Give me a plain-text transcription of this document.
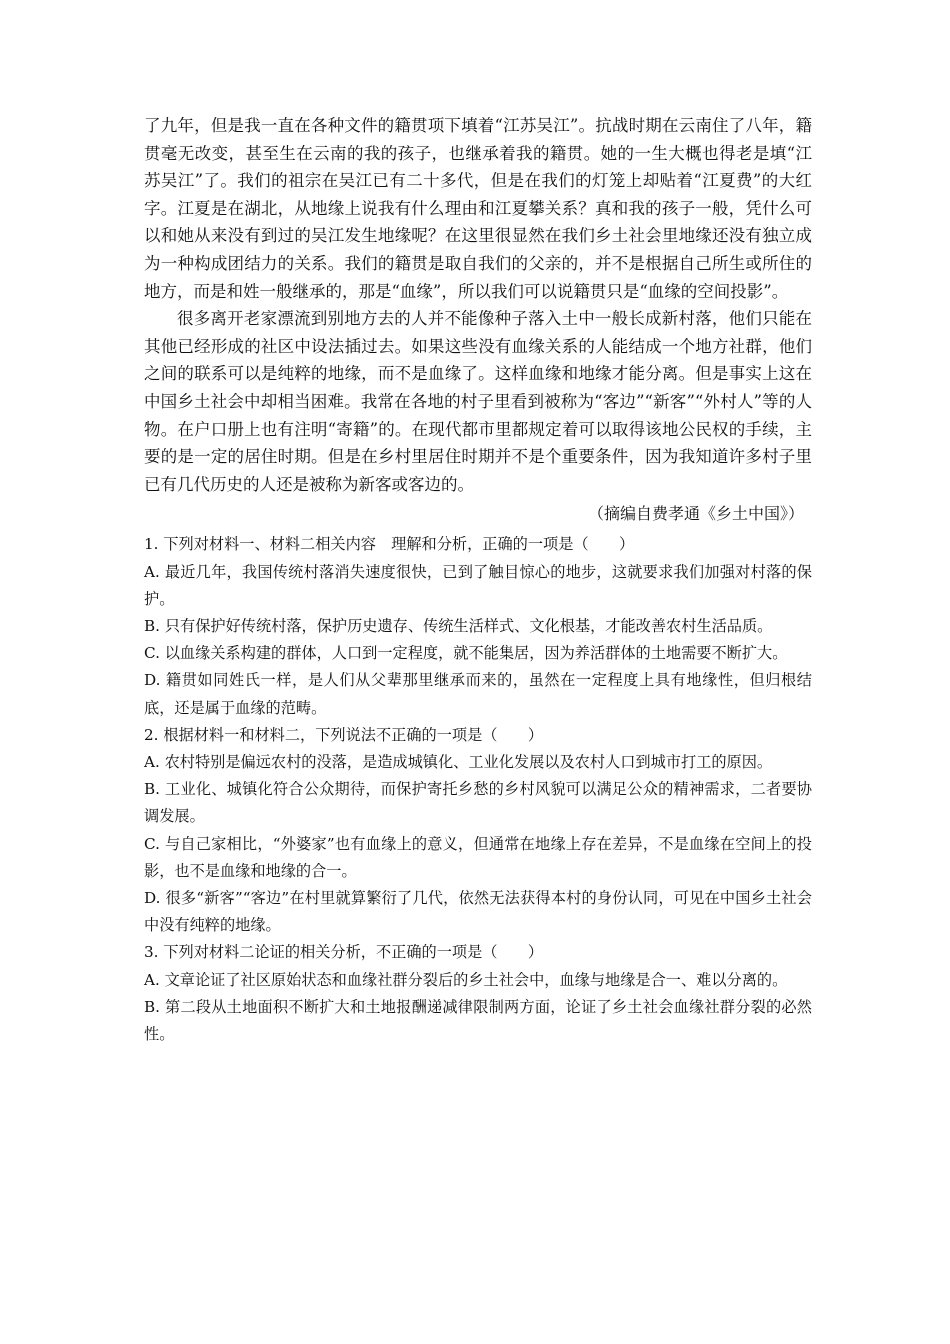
了九年，但是我一直在各种文件的籍贯项下填着“江苏吴江”。抗战时期在云南住了八年，籍贯毫无改变，甚至生在云南的我的孩子，也继承着我的籍贯。她的一生大概也得老是填“江苏吴江”了。我们的祖宗在吴江已有二十多代，但是在我们的灯笼上却贴着“江夏费”的大红字。江夏是在湖北，从地缘上说我有什么理由和江夏攀关系？真和我的孩子一般，凭什么可以和她从来没有到过的吴江发生地缘呢？在这里很显然在我们乡土社会里地缘还没有独立成为一种构成团结力的关系。我们的籍贯是取自我们的父亲的，并不是根据自己所生或所住的地方，而是和姓一般继承的，那是“血缘”，所以我们可以说籍贯只是“血缘的空间投影”。

很多离开老家漂流到别地方去的人并不能像种子落入土中一般长成新村落，他们只能在其他已经形成的社区中设法插过去。如果这些没有血缘关系的人能结成一个地方社群，他们之间的联系可以是纯粹的地缘，而不是血缘了。这样血缘和地缘才能分离。但是事实上这在中国乡土社会中却相当困难。我常在各地的村子里看到被称为“客边”“新客”“外村人”等的人物。在户口册上也有注明“寄籍”的。在现代都市里都规定着可以取得该地公民权的手续，主要的是一定的居住时期。但是在乡村里居住时期并不是个重要条件，因为我知道许多村子里已有几代历史的人还是被称为新客或客边的。

（摘编自费孝通《乡土中国》）

1. 下列对材料一、材料二相关内容　理解和分析，正确的一项是（　　）

A. 最近几年，我国传统村落消失速度很快，已到了触目惊心的地步，这就要求我们加强对村落的保护。

B. 只有保护好传统村落，保护历史遗存、传统生活样式、文化根基，才能改善农村生活品质。

C. 以血缘关系构建的群体，人口到一定程度，就不能集居，因为养活群体的土地需要不断扩大。

D. 籍贯如同姓氏一样，是人们从父辈那里继承而来的，虽然在一定程度上具有地缘性，但归根结底，还是属于血缘的范畴。

2. 根据材料一和材料二，下列说法不正确的一项是（　　）

A. 农村特别是偏远农村的没落，是造成城镇化、工业化发展以及农村人口到城市打工的原因。

B. 工业化、城镇化符合公众期待，而保护寄托乡愁的乡村风貌可以满足公众的精神需求，二者要协调发展。

C. 与自己家相比，“外婆家”也有血缘上的意义，但通常在地缘上存在差异，不是血缘在空间上的投影，也不是血缘和地缘的合一。

D. 很多“新客”“客边”在村里就算繁衍了几代，依然无法获得本村的身份认同，可见在中国乡土社会中没有纯粹的地缘。

3. 下列对材料二论证的相关分析，不正确的一项是（　　）

A. 文章论证了社区原始状态和血缘社群分裂后的乡土社会中，血缘与地缘是合一、难以分离的。

B. 第二段从土地面积不断扩大和土地报酬递减律限制两方面，论证了乡土社会血缘社群分裂的必然性。
